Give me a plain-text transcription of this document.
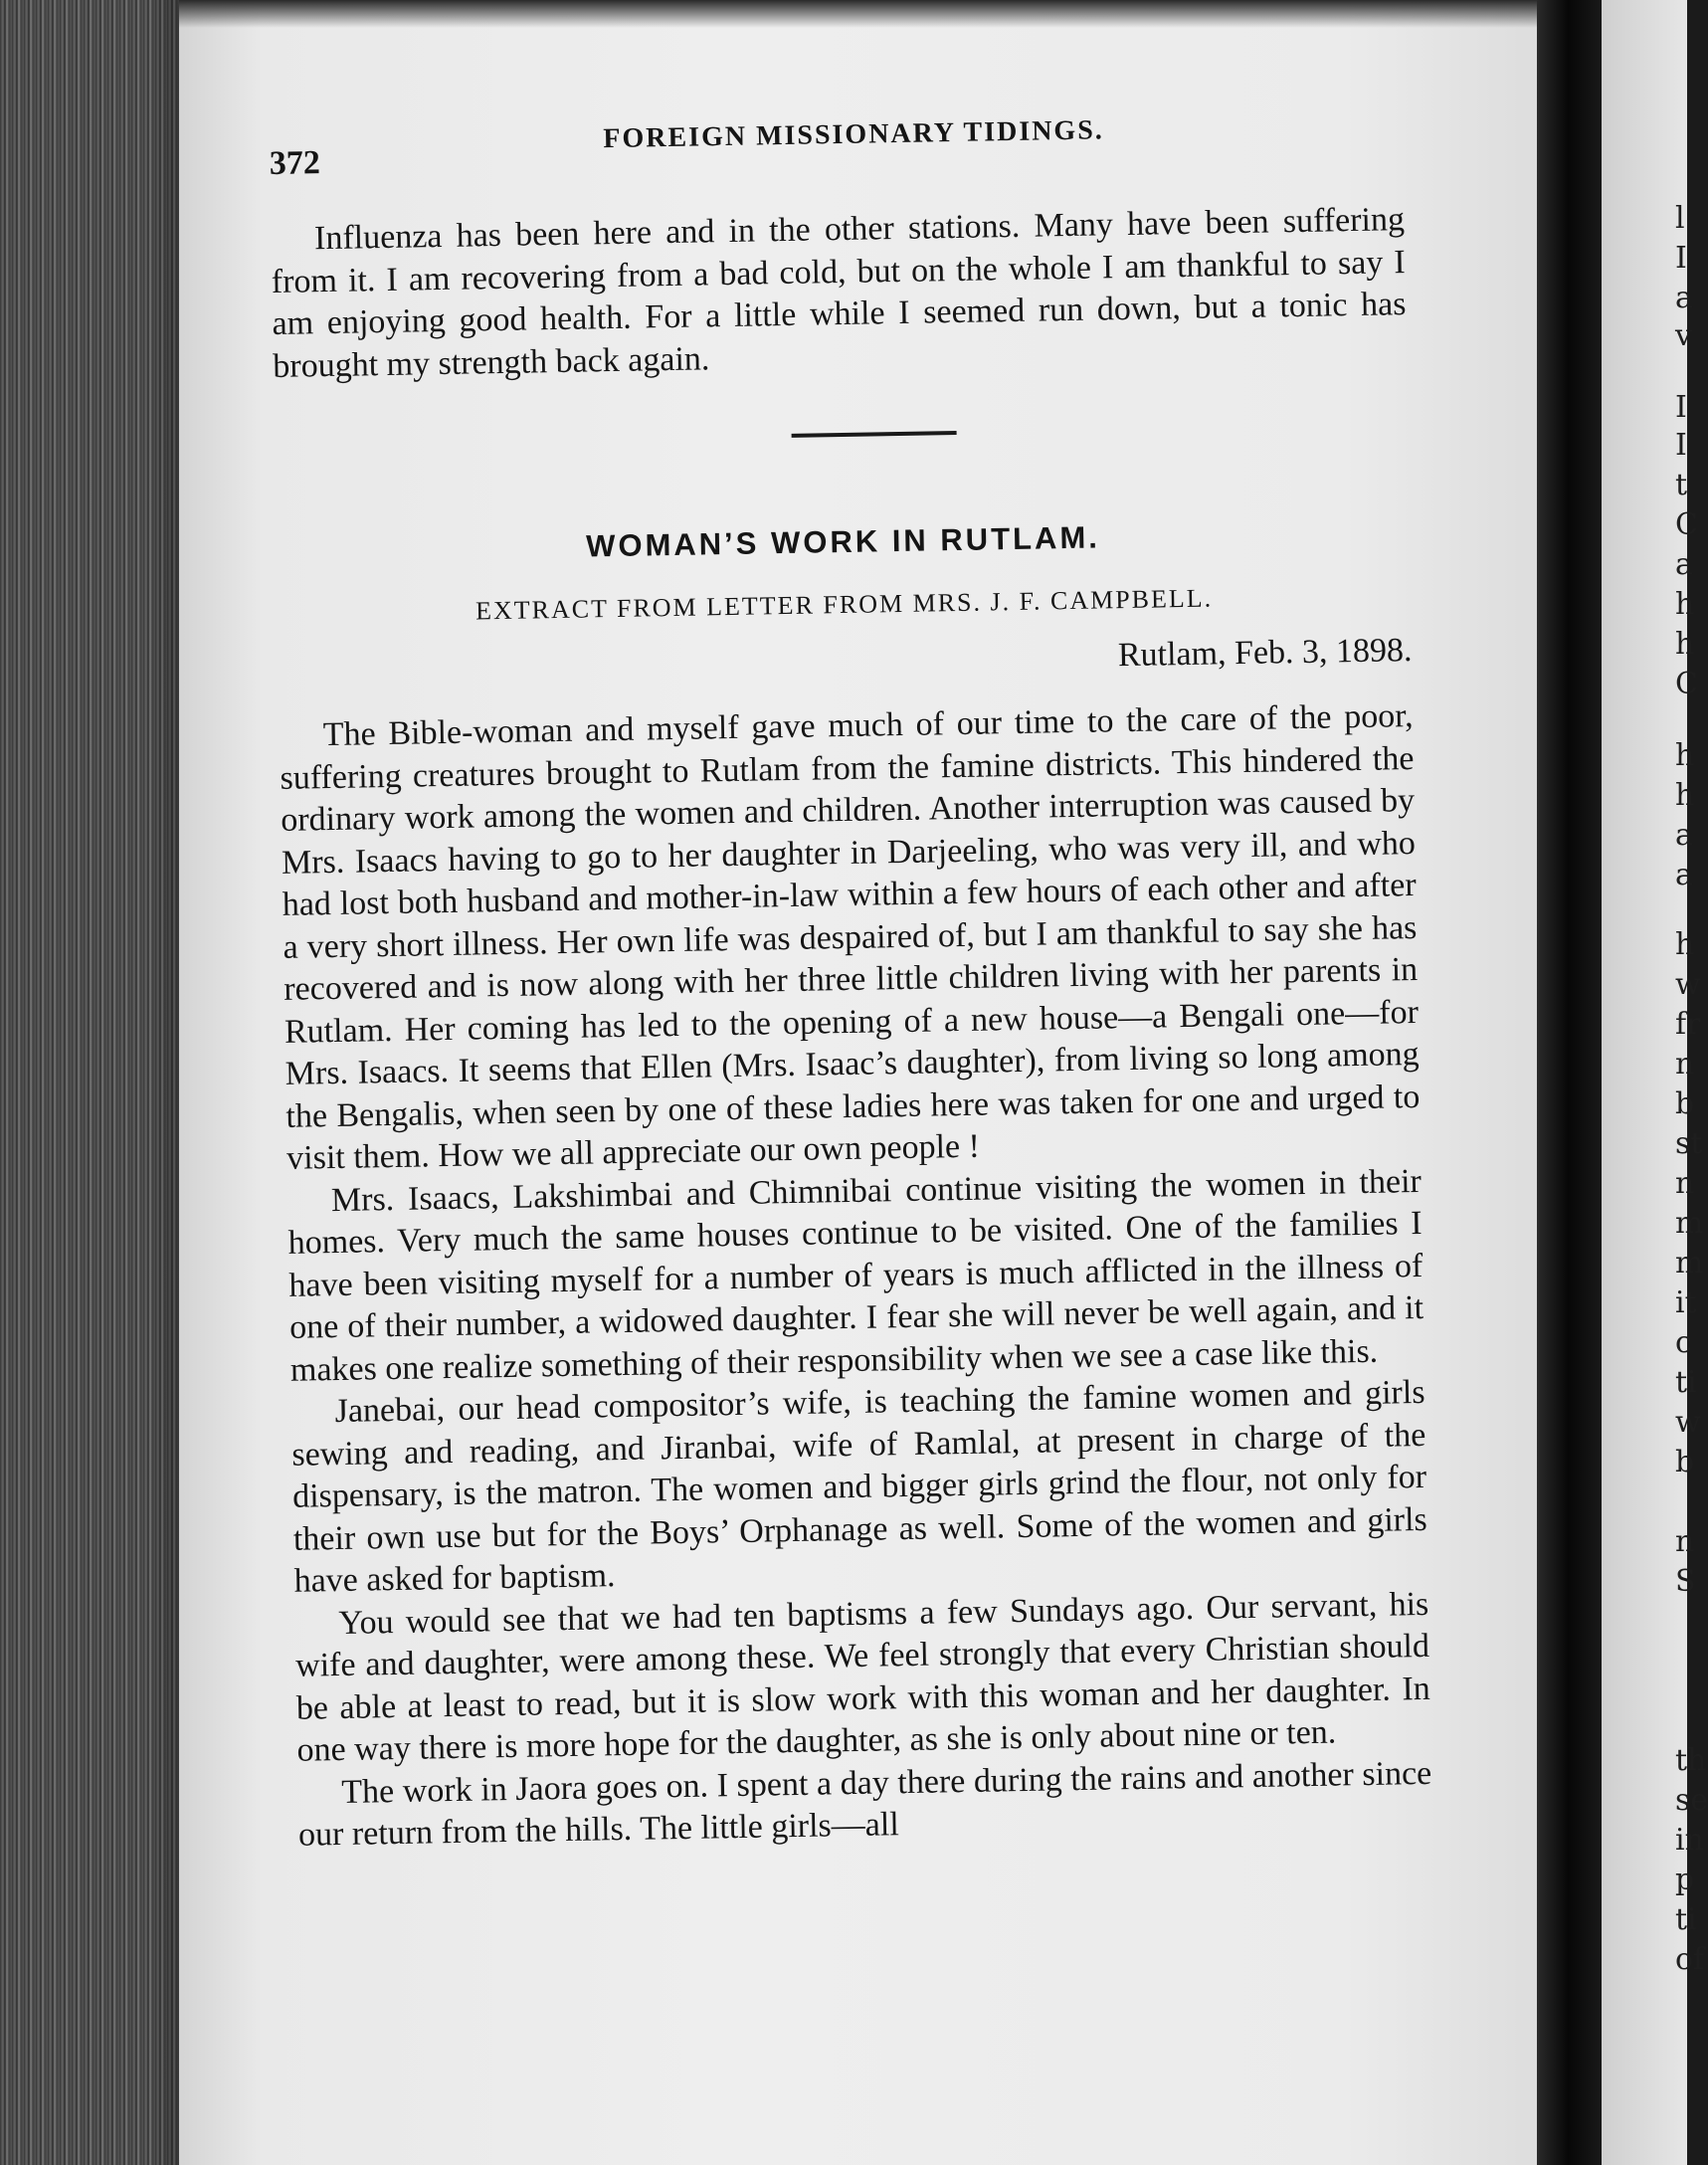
l
I
a
v
I
I
t
C
a
h
h
C
h
h
a
a
h
w
fr
n
b
st
n
m
m
it
c
ti
w
b
n
S
th
se
in
p
ti
of
372
FOREIGN MISSIONARY TIDINGS.

Influenza has been here and in the other stations. Many have been suffering from it. I am recovering from a bad cold, but on the whole I am thankful to say I am enjoying good health. For a little while I seemed run down, but a tonic has brought my strength back again.

WOMAN’S WORK IN RUTLAM.
EXTRACT FROM LETTER FROM MRS. J. F. CAMPBELL.
Rutlam, Feb. 3, 1898.

The Bible-woman and myself gave much of our time to the care of the poor, suffering creatures brought to Rutlam from the famine districts. This hindered the ordinary work among the women and children. Another interruption was caused by Mrs. Isaacs having to go to her daughter in Darjeeling, who was very ill, and who had lost both husband and mother-in-law within a few hours of each other and after a very short illness. Her own life was despaired of, but I am thankful to say she has recovered and is now along with her three little children living with her parents in Rutlam. Her coming has led to the opening of a new house—a Bengali one—for Mrs. Isaacs. It seems that Ellen (Mrs. Isaac’s daughter), from living so long among the Bengalis, when seen by one of these ladies here was taken for one and urged to visit them. How we all appreciate our own people !

Mrs. Isaacs, Lakshimbai and Chimnibai continue visiting the women in their homes. Very much the same houses continue to be visited. One of the families I have been visiting myself for a number of years is much afflicted in the illness of one of their number, a widowed daughter. I fear she will never be well again, and it makes one realize something of their responsibility when we see a case like this.

Janebai, our head compositor’s wife, is teaching the famine women and girls sewing and reading, and Jiranbai, wife of Ramlal, at present in charge of the dispensary, is the matron. The women and bigger girls grind the flour, not only for their own use but for the Boys’ Orphanage as well. Some of the women and girls have asked for baptism.

You would see that we had ten baptisms a few Sundays ago. Our servant, his wife and daughter, were among these. We feel strongly that every Christian should be able at least to read, but it is slow work with this woman and her daughter. In one way there is more hope for the daughter, as she is only about nine or ten.

The work in Jaora goes on. I spent a day there during the rains and another since our return from the hills. The little girls—all
